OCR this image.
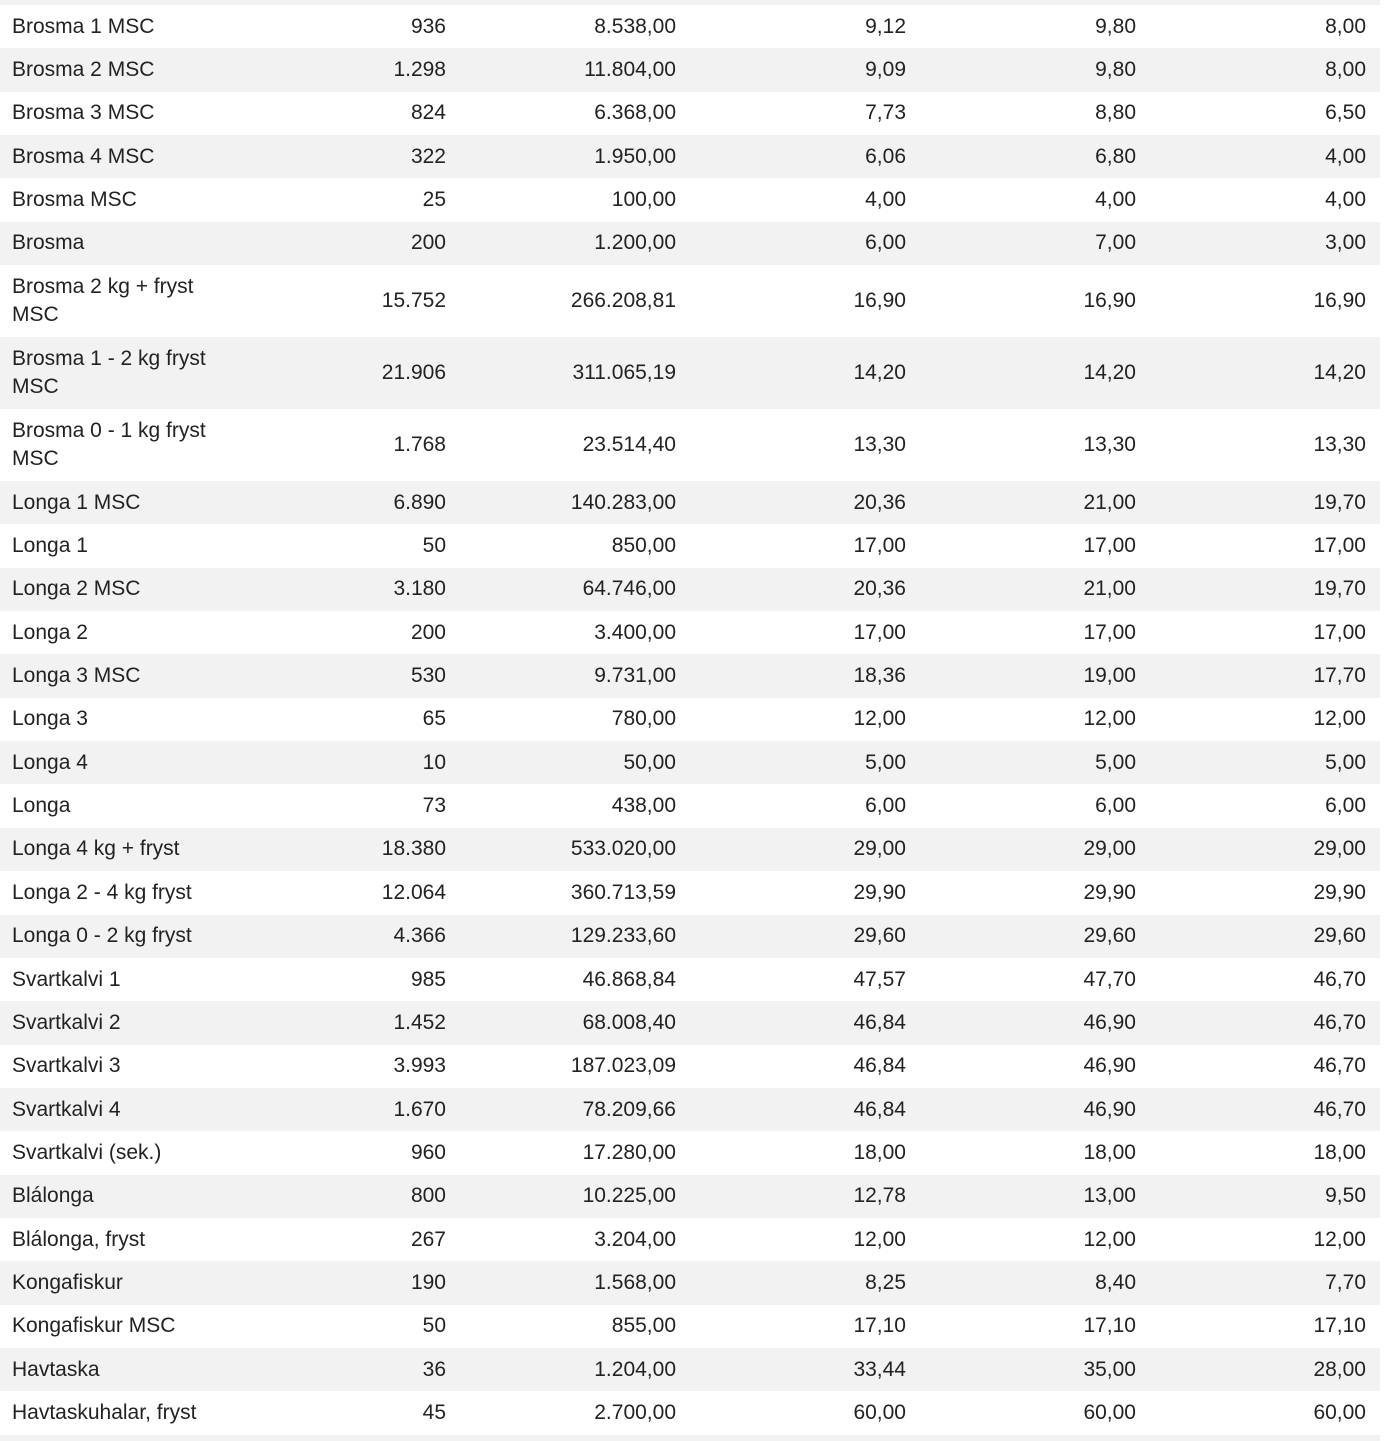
Brosma 1 MSC	936	8.538,00	9,12	9,80	8,00
Brosma 2 MSC	1.298	11.804,00	9,09	9,80	8,00
Brosma 3 MSC	824	6.368,00	7,73	8,80	6,50
Brosma 4 MSC	322	1.950,00	6,06	6,80	4,00
Brosma MSC	25	100,00	4,00	4,00	4,00
Brosma	200	1.200,00	6,00	7,00	3,00
Brosma 2 kg + fryst MSC	15.752	266.208,81	16,90	16,90	16,90
Brosma 1 - 2 kg fryst MSC	21.906	311.065,19	14,20	14,20	14,20
Brosma 0 - 1 kg fryst MSC	1.768	23.514,40	13,30	13,30	13,30
Longa 1 MSC	6.890	140.283,00	20,36	21,00	19,70
Longa 1	50	850,00	17,00	17,00	17,00
Longa 2 MSC	3.180	64.746,00	20,36	21,00	19,70
Longa 2	200	3.400,00	17,00	17,00	17,00
Longa 3 MSC	530	9.731,00	18,36	19,00	17,70
Longa 3	65	780,00	12,00	12,00	12,00
Longa 4	10	50,00	5,00	5,00	5,00
Longa	73	438,00	6,00	6,00	6,00
Longa 4 kg + fryst	18.380	533.020,00	29,00	29,00	29,00
Longa 2 - 4 kg fryst	12.064	360.713,59	29,90	29,90	29,90
Longa 0 - 2 kg fryst	4.366	129.233,60	29,60	29,60	29,60
Svartkalvi 1	985	46.868,84	47,57	47,70	46,70
Svartkalvi 2	1.452	68.008,40	46,84	46,90	46,70
Svartkalvi 3	3.993	187.023,09	46,84	46,90	46,70
Svartkalvi 4	1.670	78.209,66	46,84	46,90	46,70
Svartkalvi (sek.)	960	17.280,00	18,00	18,00	18,00
Blálonga	800	10.225,00	12,78	13,00	9,50
Blálonga, fryst	267	3.204,00	12,00	12,00	12,00
Kongafiskur	190	1.568,00	8,25	8,40	7,70
Kongafiskur MSC	50	855,00	17,10	17,10	17,10
Havtaska	36	1.204,00	33,44	35,00	28,00
Havtaskuhalar, fryst	45	2.700,00	60,00	60,00	60,00
